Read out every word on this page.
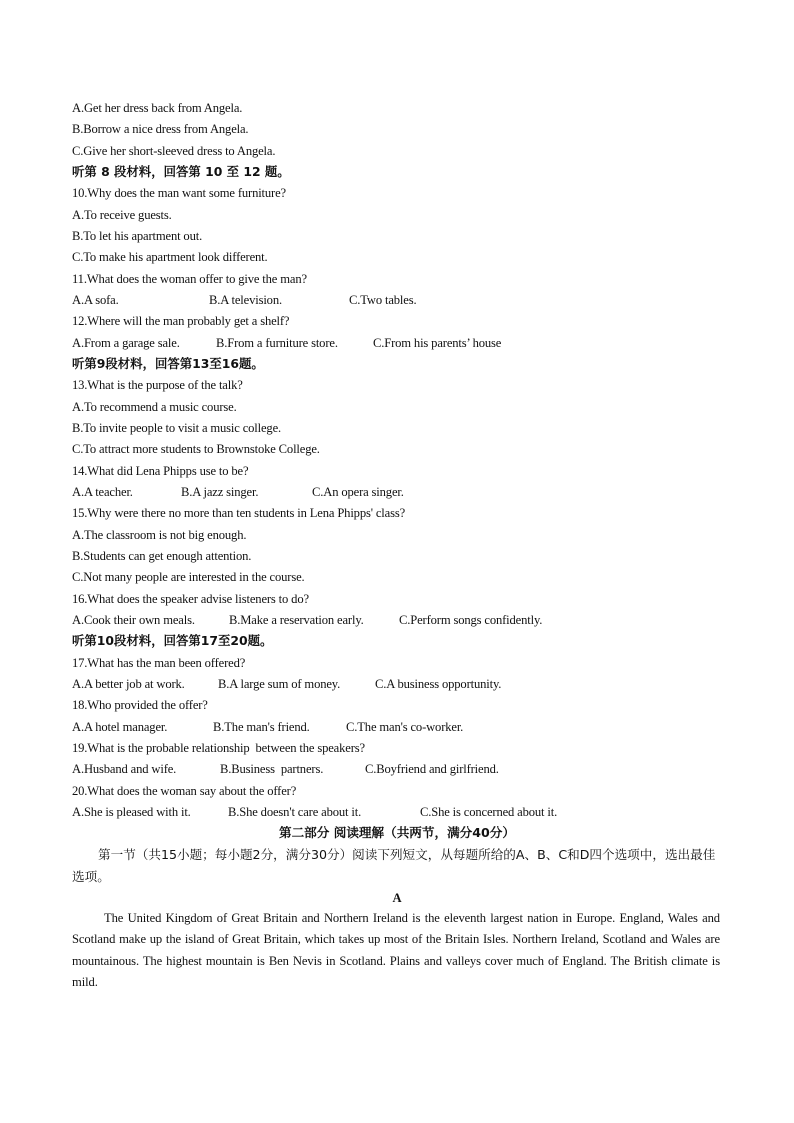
A.Get her dress back from Angela.
B.Borrow a nice dress from Angela.
C.Give her short-sleeved dress to Angela.
听第 8 段材料，回答第 10 至 12 题。
10.Why does the man want some furniture?
A.To receive guests.
B.To let his apartment out.
C.To make his apartment look different.
11.What does the woman offer to give the man?
A.A sofa.	B.A television.	C.Two tables.
12.Where will the man probably get a shelf?
A.From a garage sale.	B.From a furniture store.	C.From his parents’ house
听第9段材料，回答第13至16题。
13.What is the purpose of the talk?
A.To recommend a music course.
B.To invite people to visit a music college.
C.To attract more students to Brownstoke College.
14.What did Lena Phipps use to be?
A.A teacher.	B.A jazz singer.	C.An opera singer.
15.Why were there no more than ten students in Lena Phipps' class?
A.The classroom is not big enough.
B.Students can get enough attention.
C.Not many people are interested in the course.
16.What does the speaker advise listeners to do?
A.Cook their own meals.	B.Make a reservation early.	C.Perform songs confidently.
听第10段材料，回答第17至20题。
17.What has the man been offered?
A.A better job at work.	B.A large sum of money.	C.A business opportunity.
18.Who provided the offer?
A.A hotel manager.	B.The man's friend.	C.The man's co-worker.
19.What is the probable relationship  between the speakers?
A.Husband and wife.	B.Business  partners.	C.Boyfriend and girlfriend.
20.What does the woman say about the offer?
A.She is pleased with it.	B.She doesn't care about it.	C.She is concerned about it.
第二部分 阅读理解（共两节，满分40分）
第一节（共15小题；每小题2分，满分30分）阅读下列短文，从每题所给的A、B、C和D四个选项中，选出最佳选项。
A
The United Kingdom of Great Britain and Northern Ireland is the eleventh largest nation in Europe. England, Wales and Scotland make up the island of Great Britain, which takes up most of the Britain Isles. Northern Ireland, Scotland and Wales are mountainous. The highest mountain is Ben Nevis in Scotland. Plains and valleys cover much of England. The British climate is mild.
